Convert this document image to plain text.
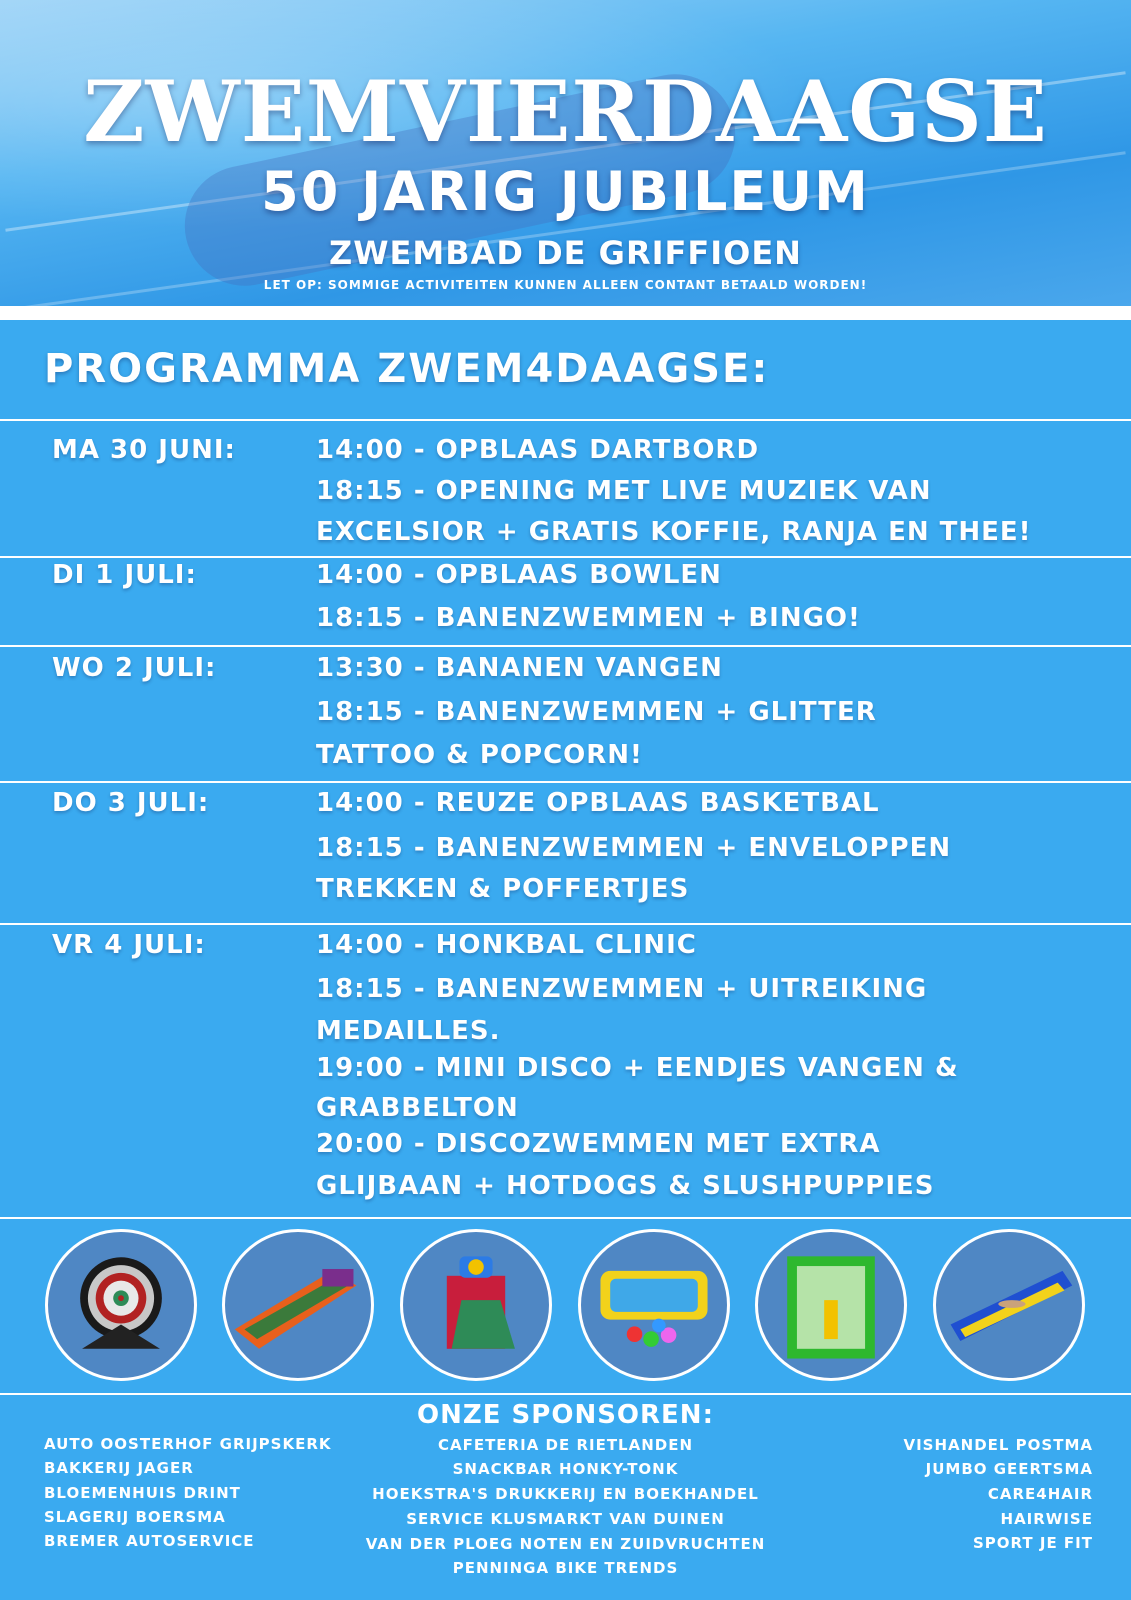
ZWEMVIERDAAGSE
50 JARIG JUBILEUM
ZWEMBAD DE GRIFFIOEN
LET OP: SOMMIGE ACTIVITEITEN KUNNEN ALLEEN CONTANT BETAALD WORDEN!
PROGRAMMA ZWEM4DAAGSE:
MA 30 JUNI:	14:00 - OPBLAAS DARTBORD
18:15 - OPENING MET LIVE MUZIEK VAN
EXCELSIOR + GRATIS KOFFIE, RANJA EN THEE!
DI 1 JULI:	14:00 - OPBLAAS BOWLEN
18:15 - BANENZWEMMEN + BINGO!
WO 2 JULI:	13:30 - BANANEN VANGEN
18:15 - BANENZWEMMEN + GLITTER
TATTOO & POPCORN!
DO 3 JULI:	14:00 - REUZE OPBLAAS BASKETBAL
18:15 - BANENZWEMMEN + ENVELOPPEN
TREKKEN & POFFERTJES
VR 4 JULI:	14:00 - HONKBAL CLINIC
18:15 - BANENZWEMMEN + UITREIKING
MEDAILLES.
19:00 - MINI DISCO + EENDJES VANGEN &
GRABBELTON
20:00 - DISCOZWEMMEN MET EXTRA
GLIJBAAN + HOTDOGS & SLUSHPUPPIES
ONZE SPONSOREN:
AUTO OOSTERHOF GRIJPSKERK
BAKKERIJ JAGER
BLOEMENHUIS DRINT
SLAGERIJ BOERSMA
BREMER AUTOSERVICE
CAFETERIA DE RIETLANDEN
SNACKBAR HONKY-TONK
HOEKSTRA'S DRUKKERIJ EN BOEKHANDEL
SERVICE KLUSMARKT VAN DUINEN
VAN DER PLOEG NOTEN EN ZUIDVRUCHTEN
PENNINGA BIKE TRENDS
VISHANDEL POSTMA
JUMBO GEERTSMA
CARE4HAIR
HAIRWISE
SPORT JE FIT
